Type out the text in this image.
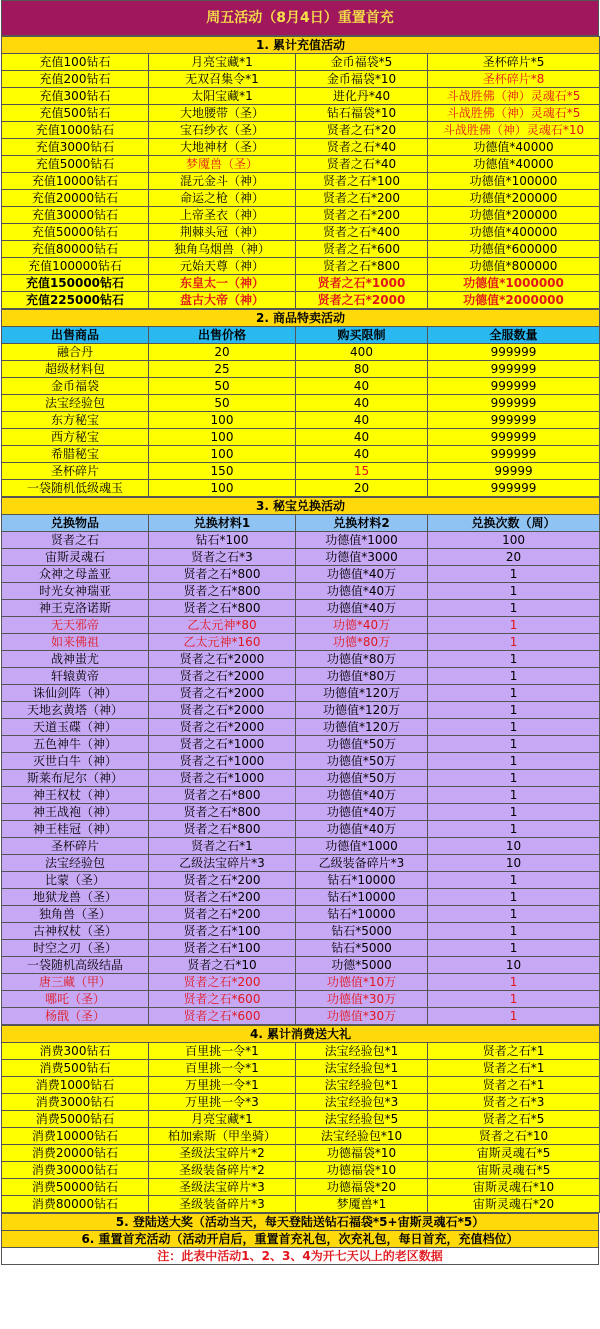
周五活动（8月4日）重置首充
1. 累计充值活动			
充值100钻石	月亮宝藏*1	金币福袋*5	圣杯碎片*5
充值200钻石	无双召集令*1	金币福袋*10	圣杯碎片*8
充值300钻石	太阳宝藏*1	进化丹*40	斗战胜佛（神）灵魂石*5
充值500钻石	大地腰带（圣）	钻石福袋*10	斗战胜佛（神）灵魂石*5
充值1000钻石	宝石纱衣（圣）	贤者之石*20	斗战胜佛（神）灵魂石*10
充值3000钻石	大地神材（圣）	贤者之石*40	功德值*40000
充值5000钻石	梦魇兽（圣）	贤者之石*40	功德值*40000
充值10000钻石	混元金斗（神）	贤者之石*100	功德值*100000
充值20000钻石	命运之枪（神）	贤者之石*200	功德值*200000
充值30000钻石	上帝圣衣（神）	贤者之石*200	功德值*200000
充值50000钻石	荆棘头冠（神）	贤者之石*400	功德值*400000
充值80000钻石	独角乌烟兽（神）	贤者之石*600	功德值*600000
充值100000钻石	元始天尊（神）	贤者之石*800	功德值*800000
充值150000钻石	东皇太一（神）	贤者之石*1000	功德值*1000000
充值225000钻石	盘古大帝（神）	贤者之石*2000	功德值*2000000
2. 商品特卖活动			
出售商品	出售价格	购买限制	全服数量
融合丹	20	400	999999
超级材料包	25	80	999999
金币福袋	50	40	999999
法宝经验包	50	40	999999
东方秘宝	100	40	999999
西方秘宝	100	40	999999
希腊秘宝	100	40	999999
圣杯碎片	150	15	99999
一袋随机低级魂玉	100	20	999999
3. 秘宝兑换活动			
兑换物品	兑换材料1	兑换材料2	兑换次数（周）
贤者之石	钻石*100	功德值*1000	100
宙斯灵魂石	贤者之石*3	功德值*3000	20
众神之母盖亚	贤者之石*800	功德值*40万	1
时光女神瑞亚	贤者之石*800	功德值*40万	1
神王克洛诺斯	贤者之石*800	功德值*40万	1
无天邪帝	乙太元神*80	功德*40万	1
如来佛祖	乙太元神*160	功德*80万	1
战神蚩尤	贤者之石*2000	功德值*80万	1
轩辕黄帝	贤者之石*2000	功德值*80万	1
诛仙剑阵（神）	贤者之石*2000	功德值*120万	1
天地玄黄塔（神）	贤者之石*2000	功德值*120万	1
天道玉碟（神）	贤者之石*2000	功德值*120万	1
五色神牛（神）	贤者之石*1000	功德值*50万	1
灭世白牛（神）	贤者之石*1000	功德值*50万	1
斯莱布尼尔（神）	贤者之石*1000	功德值*50万	1
神王权杖（神）	贤者之石*800	功德值*40万	1
神王战袍（神）	贤者之石*800	功德值*40万	1
神王桂冠（神）	贤者之石*800	功德值*40万	1
圣杯碎片	贤者之石*1	功德值*1000	10
法宝经验包	乙级法宝碎片*3	乙级装备碎片*3	10
比蒙（圣）	贤者之石*200	钻石*10000	1
地狱龙兽（圣）	贤者之石*200	钻石*10000	1
独角兽（圣）	贤者之石*200	钻石*10000	1
古神权杖（圣）	贤者之石*100	钻石*5000	1
时空之刃（圣）	贤者之石*100	钻石*5000	1
一袋随机高级结晶	贤者之石*10	功德*5000	10
唐三藏（甲）	贤者之石*200	功德值*10万	1
哪吒（圣）	贤者之石*600	功德值*30万	1
杨戬（圣）	贤者之石*600	功德值*30万	1
4. 累计消费送大礼			
消费300钻石	百里挑一令*1	法宝经验包*1	贤者之石*1
消费500钻石	百里挑一令*1	法宝经验包*1	贤者之石*1
消费1000钻石	万里挑一令*1	法宝经验包*1	贤者之石*1
消费3000钻石	万里挑一令*3	法宝经验包*3	贤者之石*3
消费5000钻石	月亮宝藏*1	法宝经验包*5	贤者之石*5
消费10000钻石	柏加索斯（甲坐骑）	法宝经验包*10	贤者之石*10
消费20000钻石	圣级法宝碎片*2	功德福袋*10	宙斯灵魂石*5
消费30000钻石	圣级装备碎片*2	功德福袋*10	宙斯灵魂石*5
消费50000钻石	圣级法宝碎片*3	功德福袋*20	宙斯灵魂石*10
消费80000钻石	圣级装备碎片*3	梦魇兽*1	宙斯灵魂石*20
5. 登陆送大奖（活动当天，每天登陆送钻石福袋*5+宙斯灵魂石*5）
6. 重置首充活动（活动开启后，重置首充礼包，次充礼包，每日首充，充值档位）
注：此表中活动1、2、3、4为开七天以上的老区数据
